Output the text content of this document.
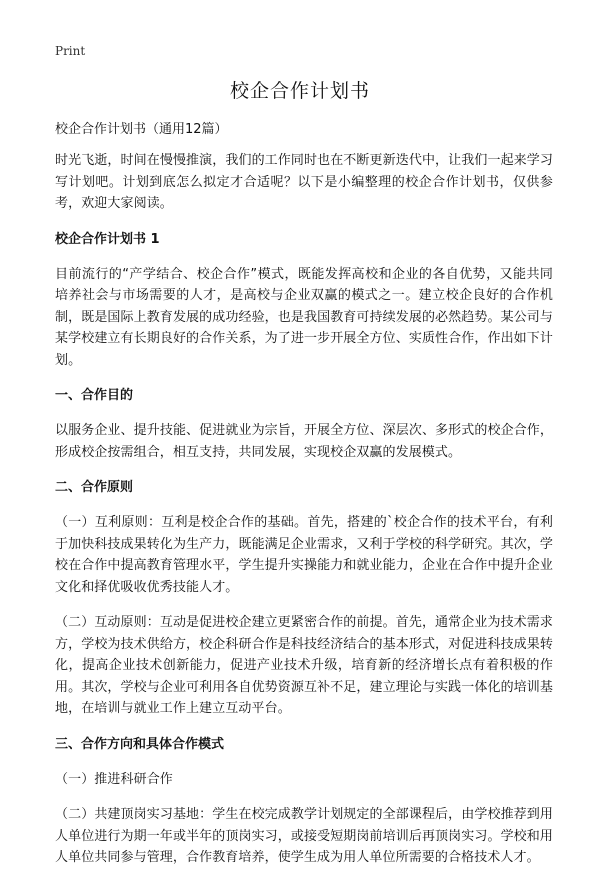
Print
校企合作计划书

校企合作计划书（通用12篇）

时光飞逝，时间在慢慢推演，我们的工作同时也在不断更新迭代中，让我们一起来学习写计划吧。计划到底怎么拟定才合适呢？以下是小编整理的校企合作计划书，仅供参考，欢迎大家阅读。

校企合作计划书 1

目前流行的“产学结合、校企合作”模式，既能发挥高校和企业的各自优势，又能共同培养社会与市场需要的人才，是高校与企业双赢的模式之一。建立校企良好的合作机制，既是国际上教育发展的成功经验，也是我国教育可持续发展的必然趋势。某公司与某学校建立有长期良好的合作关系，为了进一步开展全方位、实质性合作，作出如下计划。

一、合作目的

以服务企业、提升技能、促进就业为宗旨，开展全方位、深层次、多形式的校企合作，形成校企按需组合，相互支持，共同发展，实现校企双赢的发展模式。

二、合作原则

（一）互利原则：互利是校企合作的基础。首先，搭建的`校企合作的技术平台，有利于加快科技成果转化为生产力，既能满足企业需求，又利于学校的科学研究。其次，学校在合作中提高教育管理水平，学生提升实操能力和就业能力，企业在合作中提升企业文化和择优吸收优秀技能人才。

（二）互动原则：互动是促进校企建立更紧密合作的前提。首先，通常企业为技术需求方，学校为技术供给方，校企科研合作是科技经济结合的基本形式，对促进科技成果转化，提高企业技术创新能力，促进产业技术升级，培育新的经济增长点有着积极的作用。其次，学校与企业可利用各自优势资源互补不足，建立理论与实践一体化的培训基地，在培训与就业工作上建立互动平台。

三、合作方向和具体合作模式

（一）推进科研合作

（二）共建顶岗实习基地：学生在校完成教学计划规定的全部课程后，由学校推荐到用人单位进行为期一年或半年的顶岗实习，或接受短期岗前培训后再顶岗实习。学校和用人单位共同参与管理，合作教育培养，使学生成为用人单位所需要的合格技术人才。
